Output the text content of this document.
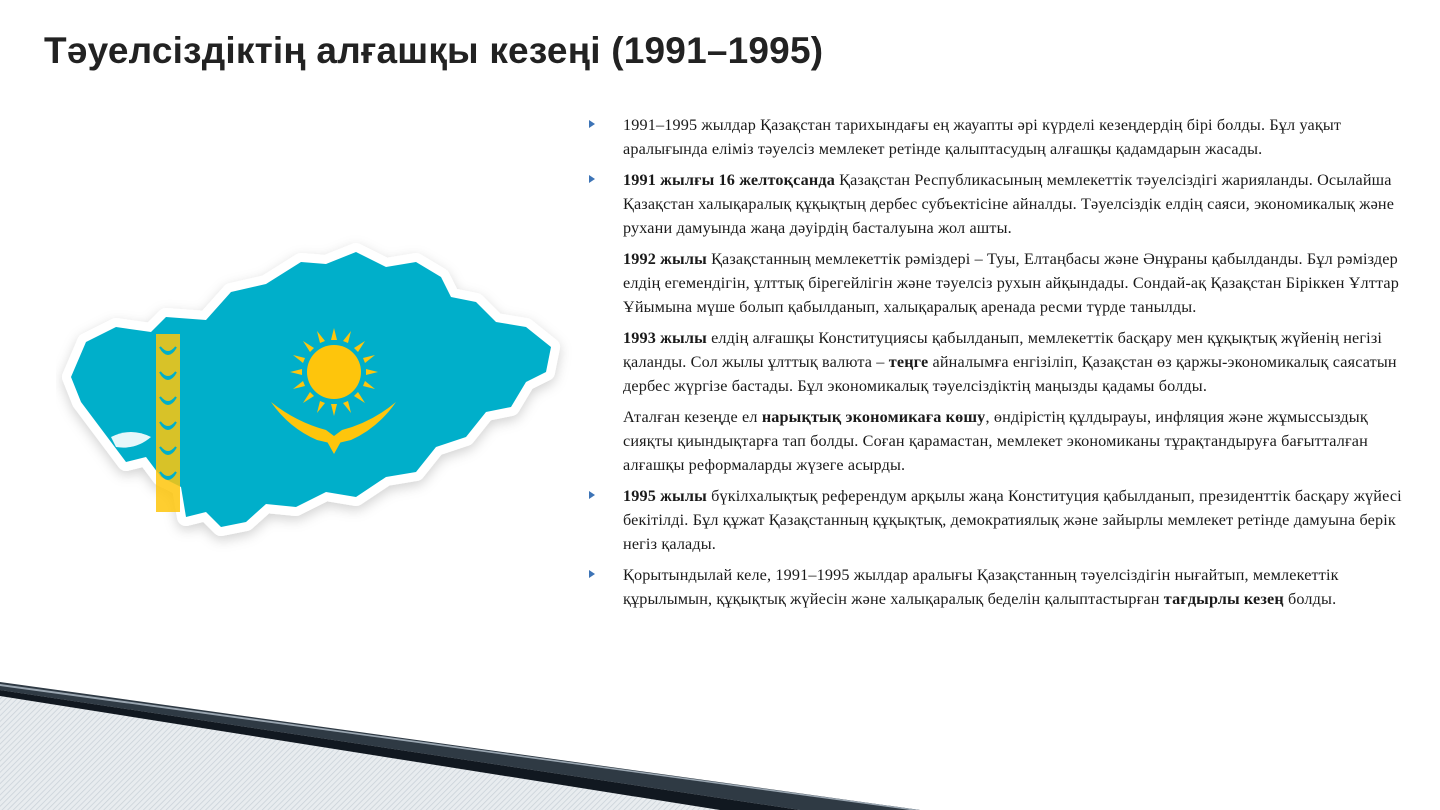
Тәуелсіздіктің алғашқы кезеңі (1991–1995)

1991–1995 жылдар Қазақстан тарихындағы ең жауапты әрі күрделі кезеңдердің бірі болды. Бұл уақыт аралығында еліміз тәуелсіз мемлекет ретінде қалыптасудың алғашқы қадамдарын жасады.

1991 жылғы 16 желтоқсанда Қазақстан Республикасының мемлекеттік тәуелсіздігі жарияланды. Осылайша Қазақстан халықаралық құқықтың дербес субъектісіне айналды. Тәуелсіздік елдің саяси, экономикалық және рухани дамуында жаңа дәуірдің басталуына жол ашты.

1992 жылы Қазақстанның мемлекеттік рәміздері – Туы, Елтаңбасы және Әнұраны қабылданды. Бұл рәміздер елдің егемендігін, ұлттық бірегейлігін және тәуелсіз рухын айқындады. Сондай-ақ Қазақстан Біріккен Ұлттар Ұйымына мүше болып қабылданып, халықаралық аренада ресми түрде танылды.

1993 жылы елдің алғашқы Конституциясы қабылданып, мемлекеттік басқару мен құқықтық жүйенің негізі қаланды. Сол жылы ұлттық валюта – теңге айналымға енгізіліп, Қазақстан өз қаржы-экономикалық саясатын дербес жүргізе бастады. Бұл экономикалық тәуелсіздіктің маңызды қадамы болды.

Аталған кезеңде ел нарықтық экономикаға көшу, өндірістің құлдырауы, инфляция және жұмыссыздық сияқты қиындықтарға тап болды. Соған қарамастан, мемлекет экономиканы тұрақтандыруға бағытталған алғашқы реформаларды жүзеге асырды.

1995 жылы бүкілхалықтық референдум арқылы жаңа Конституция қабылданып, президенттік басқару жүйесі бекітілді. Бұл құжат Қазақстанның құқықтық, демократиялық және зайырлы мемлекет ретінде дамуына берік негіз қалады.

Қорытындылай келе, 1991–1995 жылдар аралығы Қазақстанның тәуелсіздігін нығайтып, мемлекеттік құрылымын, құқықтық жүйесін және халықаралық беделін қалыптастырған тағдырлы кезең болды.
